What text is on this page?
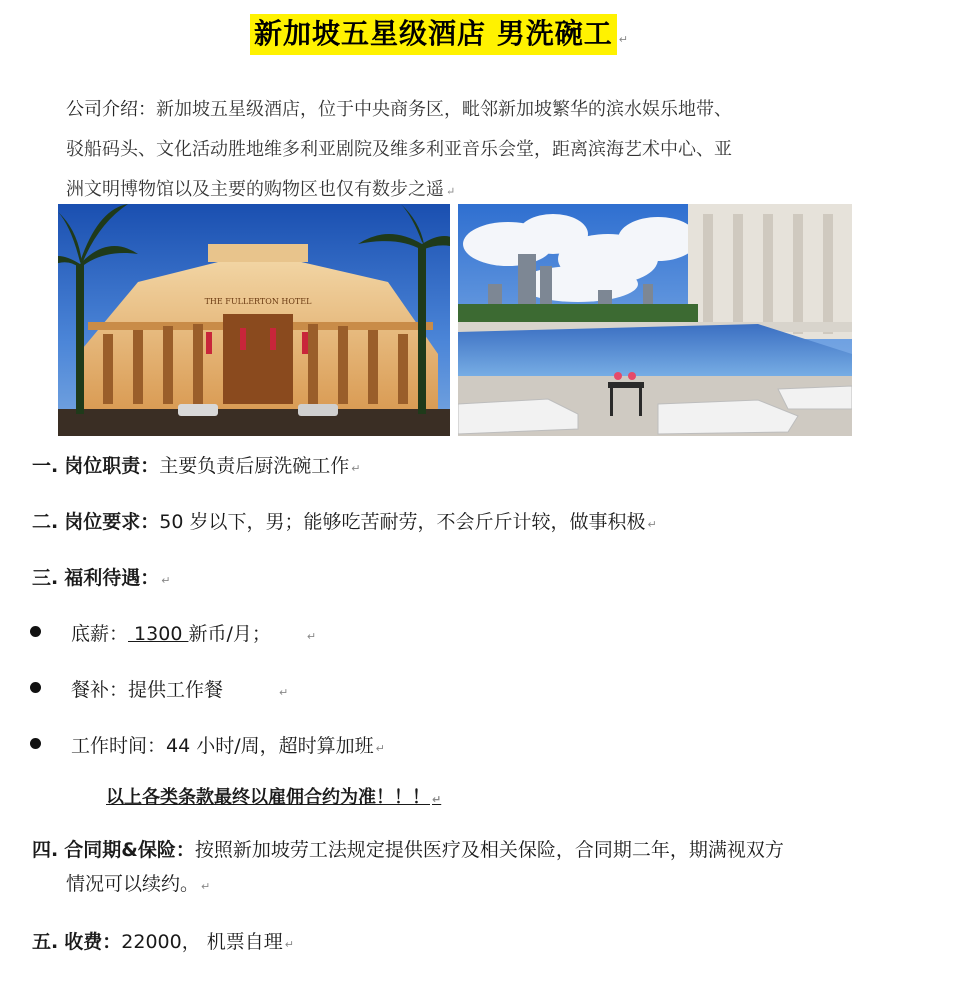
新加坡五星级酒店 男洗碗工 ↵
公司介绍：新加坡五星级酒店，位于中央商务区，毗邻新加坡繁华的滨水娱乐地带、
驳船码头、文化活动胜地维多利亚剧院及维多利亚音乐会堂，距离滨海艺术中心、亚
洲文明博物馆以及主要的购物区也仅有数步之遥 ↵
THE FULLERTON HOTEL
一. 岗位职责：主要负责后厨洗碗工作 ↵
二. 岗位要求：50 岁以下，男；能够吃苦耐劳，不会斤斤计较，做事积极 ↵
三. 福利待遇： ↵
底薪： 1300 新币/月；	↵
餐补：提供工作餐	↵
工作时间：44 小时/周，超时算加班 ↵
以上各类条款最终以雇佣合约为准！！！ ↵
四. 合同期&保险：按照新加坡劳工法规定提供医疗及相关保险，合同期二年，期满视双方
情况可以续约。 ↵
五. 收费：22000， 机票自理 ↵
